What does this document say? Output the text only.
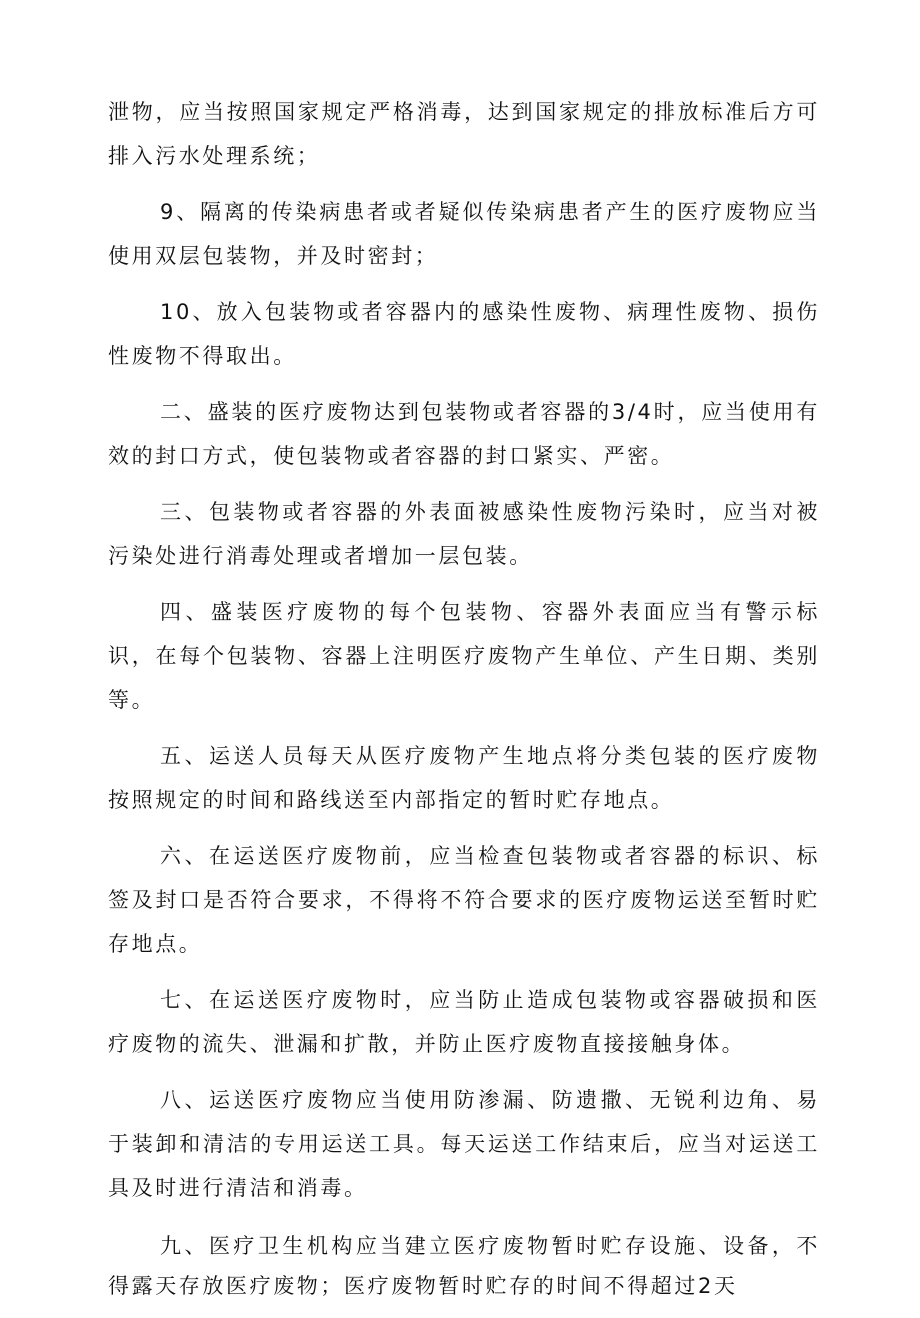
泄物，应当按照国家规定严格消毒，达到国家规定的排放标准后方可排入污水处理系统；

9、隔离的传染病患者或者疑似传染病患者产生的医疗废物应当使用双层包装物，并及时密封；

10、放入包装物或者容器内的感染性废物、病理性废物、损伤性废物不得取出。

二、盛装的医疗废物达到包装物或者容器的3/4时，应当使用有效的封口方式，使包装物或者容器的封口紧实、严密。

三、包装物或者容器的外表面被感染性废物污染时，应当对被污染处进行消毒处理或者增加一层包装。

四、盛装医疗废物的每个包装物、容器外表面应当有警示标识，在每个包装物、容器上注明医疗废物产生单位、产生日期、类别等。

五、运送人员每天从医疗废物产生地点将分类包装的医疗废物按照规定的时间和路线送至内部指定的暂时贮存地点。

六、在运送医疗废物前，应当检查包装物或者容器的标识、标签及封口是否符合要求，不得将不符合要求的医疗废物运送至暂时贮存地点。

七、在运送医疗废物时，应当防止造成包装物或容器破损和医疗废物的流失、泄漏和扩散，并防止医疗废物直接接触身体。

八、运送医疗废物应当使用防渗漏、防遗撒、无锐利边角、易于装卸和清洁的专用运送工具。每天运送工作结束后，应当对运送工具及时进行清洁和消毒。

九、医疗卫生机构应当建立医疗废物暂时贮存设施、设备，不得露天存放医疗废物；医疗废物暂时贮存的时间不得超过2天
